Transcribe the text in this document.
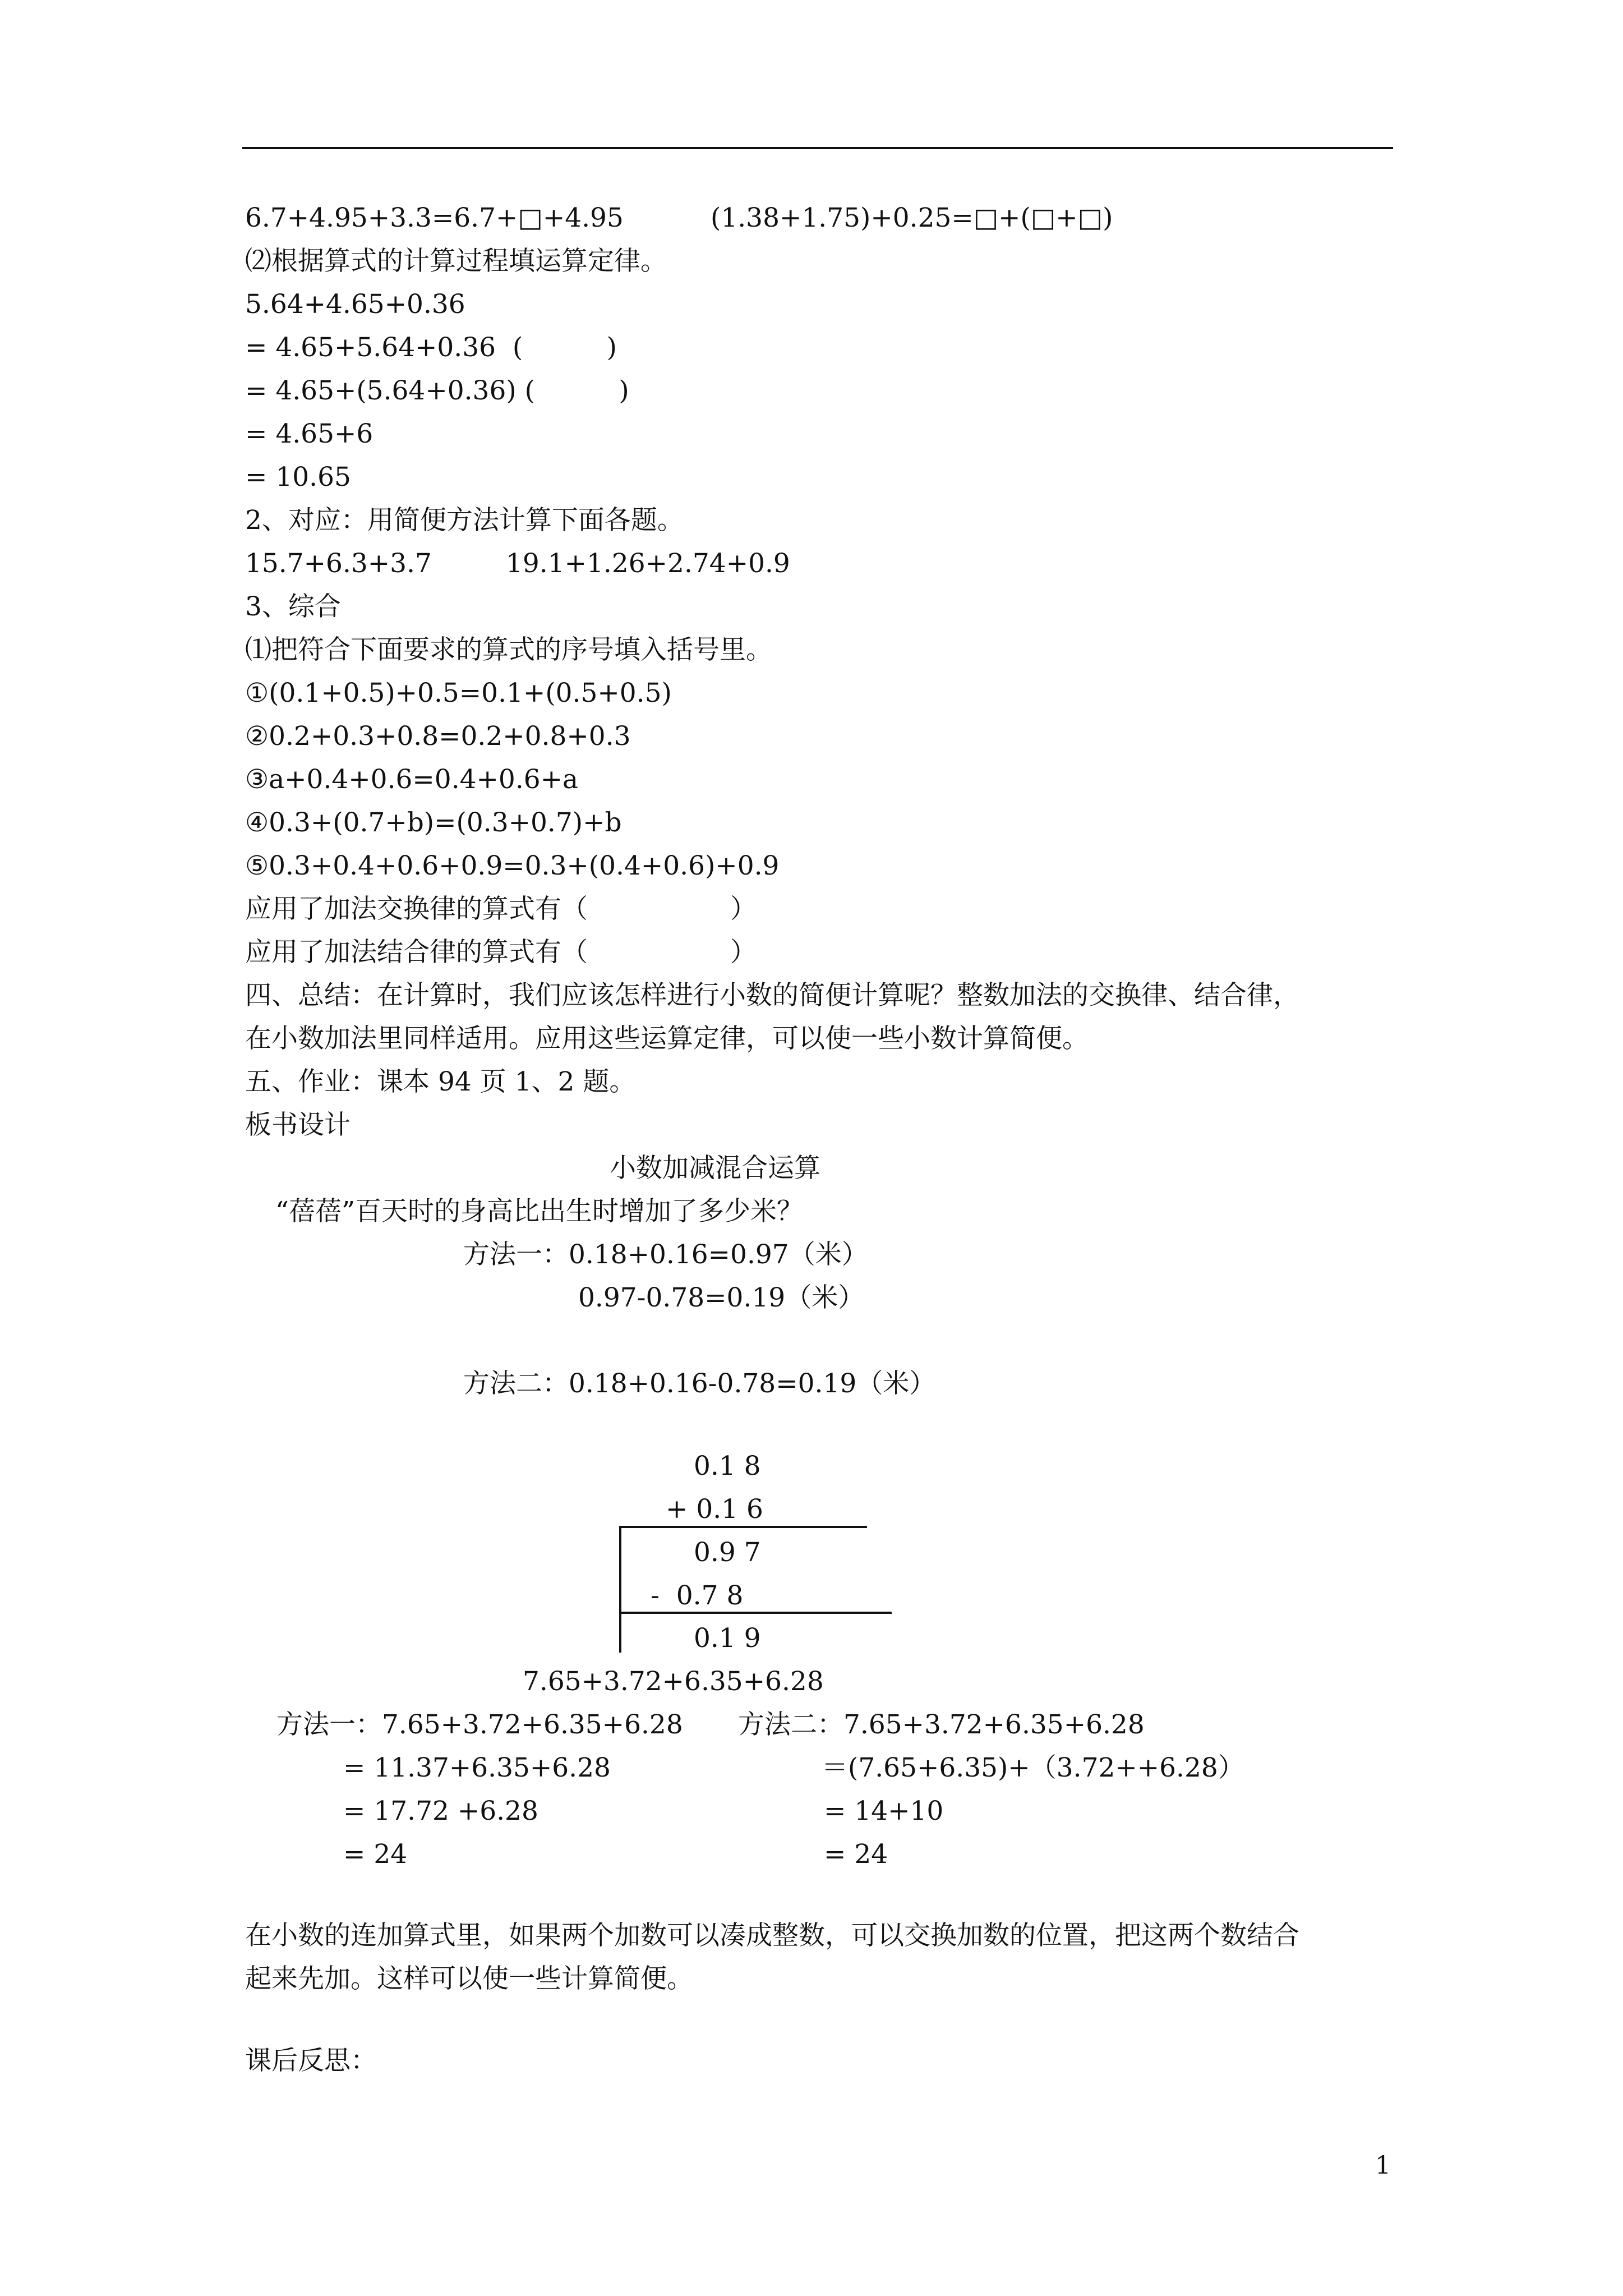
6.7+4.95+3.3=6.7+□+4.95	(1.38+1.75)+0.25=□+(□+□)
⑵根据算式的计算过程填运算定律。
5.64+4.65+0.36
= 4.65+5.64+0.36  (          )
= 4.65+(5.64+0.36) (          )
= 4.65+6
= 10.65
2、对应：用简便方法计算下面各题。
15.7+6.3+3.7	19.1+1.26+2.74+0.9
3、综合
⑴把符合下面要求的算式的序号填入括号里。
①(0.1+0.5)+0.5=0.1+(0.5+0.5)
②0.2+0.3+0.8=0.2+0.8+0.3
③a+0.4+0.6=0.4+0.6+a
④0.3+(0.7+b)=(0.3+0.7)+b
⑤0.3+0.4+0.6+0.9=0.3+(0.4+0.6)+0.9
应用了加法交换律的算式有（                 ）
应用了加法结合律的算式有（                 ）
四、总结：在计算时，我们应该怎样进行小数的简便计算呢？整数加法的交换律、结合律，
在小数加法里同样适用。应用这些运算定律，可以使一些小数计算简便。
五、作业：课本 94 页 1、2 题。
板书设计
小数加减混合运算
“蓓蓓”百天时的身高比出生时增加了多少米？
方法一：0.18+0.16=0.97（米）
0.97-0.78=0.19（米）
方法二：0.18+0.16-0.78=0.19（米）
0.1 8
+ 0.1 6
0.9 7
-  0.7 8
0.1 9
7.65+3.72+6.35+6.28
方法一：7.65+3.72+6.35+6.28 方法二：7.65+3.72+6.35+6.28
= 11.37+6.35+6.28	＝(7.65+6.35)+（3.72++6.28）
= 17.72 +6.28	= 14+10
= 24	= 24
在小数的连加算式里，如果两个加数可以凑成整数，可以交换加数的位置，把这两个数结合
起来先加。这样可以使一些计算简便。
课后反思：
1
